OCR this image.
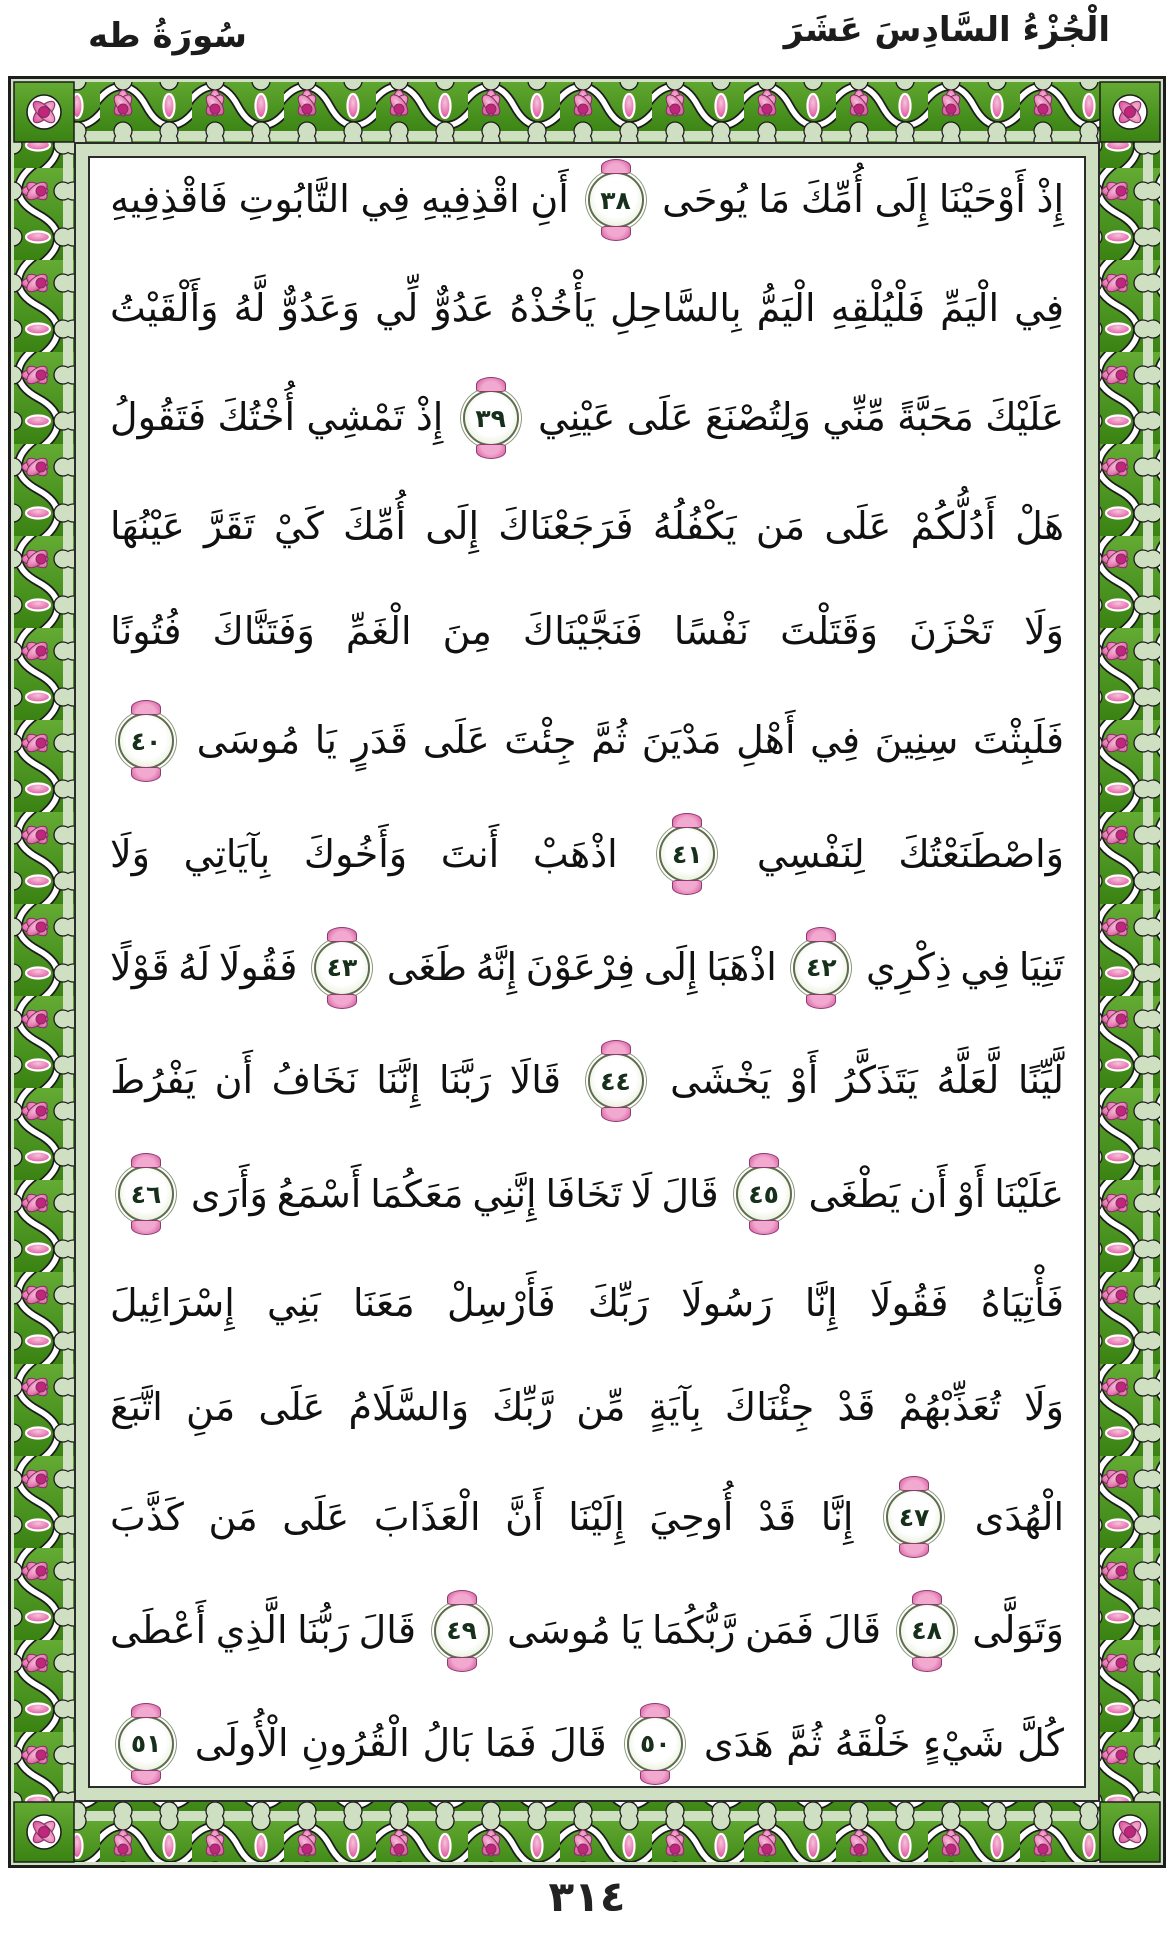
الْجُزْءُ السَّادِسَ عَشَرَ
سُورَةُ طه
إِذْ
أَوْحَيْنَا
إِلَى
أُمِّكَ
مَا
يُوحَى
٣٨
أَنِ
اقْذِفِيهِ
فِي
التَّابُوتِ
فَاقْذِفِيهِ
فِي
الْيَمِّ
فَلْيُلْقِهِ
الْيَمُّ
بِالسَّاحِلِ
يَأْخُذْهُ
عَدُوٌّ
لِّي
وَعَدُوٌّ
لَّهُ
وَأَلْقَيْتُ
عَلَيْكَ
مَحَبَّةً
مِّنِّي
وَلِتُصْنَعَ
عَلَى
عَيْنِي
٣٩
إِذْ
تَمْشِي
أُخْتُكَ
فَتَقُولُ
هَلْ
أَدُلُّكُمْ
عَلَى
مَن
يَكْفُلُهُ
فَرَجَعْنَاكَ
إِلَى
أُمِّكَ
كَيْ
تَقَرَّ
عَيْنُهَا
وَلَا
تَحْزَنَ
وَقَتَلْتَ
نَفْسًا
فَنَجَّيْنَاكَ
مِنَ
الْغَمِّ
وَفَتَنَّاكَ
فُتُونًا
فَلَبِثْتَ
سِنِينَ
فِي
أَهْلِ
مَدْيَنَ
ثُمَّ
جِئْتَ
عَلَى
قَدَرٍ
يَا
مُوسَى
٤٠
وَاصْطَنَعْتُكَ
لِنَفْسِي
٤١
اذْهَبْ
أَنتَ
وَأَخُوكَ
بِآيَاتِي
وَلَا
تَنِيَا
فِي
ذِكْرِي
٤٢
اذْهَبَا
إِلَى
فِرْعَوْنَ
إِنَّهُ
طَغَى
٤٣
فَقُولَا
لَهُ
قَوْلًا
لَّيِّنًا
لَّعَلَّهُ
يَتَذَكَّرُ
أَوْ
يَخْشَى
٤٤
قَالَا
رَبَّنَا
إِنَّنَا
نَخَافُ
أَن
يَفْرُطَ
عَلَيْنَا
أَوْ
أَن
يَطْغَى
٤٥
قَالَ
لَا
تَخَافَا
إِنَّنِي
مَعَكُمَا
أَسْمَعُ
وَأَرَى
٤٦
فَأْتِيَاهُ
فَقُولَا
إِنَّا
رَسُولَا
رَبِّكَ
فَأَرْسِلْ
مَعَنَا
بَنِي
إِسْرَائِيلَ
وَلَا
تُعَذِّبْهُمْ
قَدْ
جِئْنَاكَ
بِآيَةٍ
مِّن
رَّبِّكَ
وَالسَّلَامُ
عَلَى
مَنِ
اتَّبَعَ
الْهُدَى
٤٧
إِنَّا
قَدْ
أُوحِيَ
إِلَيْنَا
أَنَّ
الْعَذَابَ
عَلَى
مَن
كَذَّبَ
وَتَوَلَّى
٤٨
قَالَ
فَمَن
رَّبُّكُمَا
يَا
مُوسَى
٤٩
قَالَ
رَبُّنَا
الَّذِي
أَعْطَى
كُلَّ
شَيْءٍ
خَلْقَهُ
ثُمَّ
هَدَى
٥٠
قَالَ
فَمَا
بَالُ
الْقُرُونِ
الْأُولَى
٥١
٣١٤
